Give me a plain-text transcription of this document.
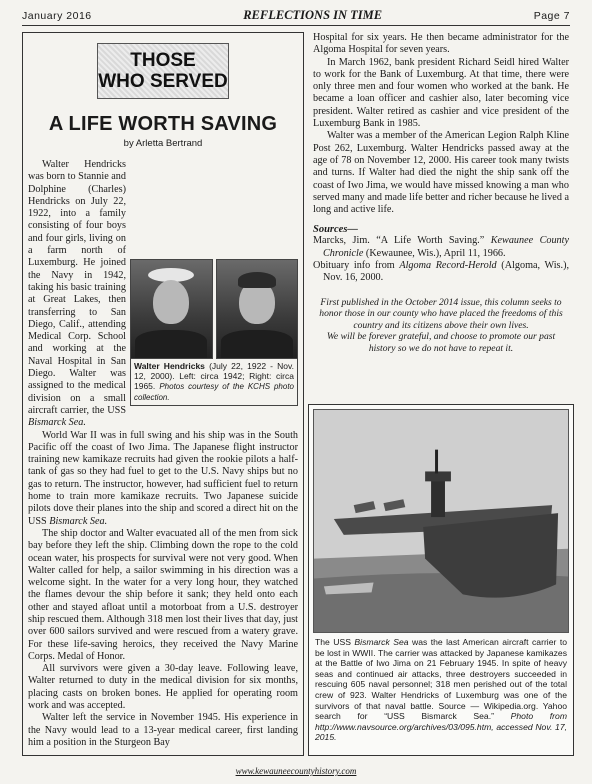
January 2016	REFLECTIONS IN TIME	Page 7
THOSE
WHO SERVED
A LIFE WORTH SAVING
by Arletta Bertrand
Walter Hendricks (July 22, 1922 - Nov. 12, 2000). Left: circa 1942; Right: circa 1965. Photos courtesy of the KCHS photo collection.

Walter Hendricks was born to Stannie and Dolphine (Charles) Hendricks on July 22, 1922, into a family consisting of four boys and four girls, living on a farm north of Luxemburg. He joined the Navy in 1942, taking his basic training at Great Lakes, then transferring to San Diego, Calif., attending Medical Corp. School and working at the Naval Hospital in San Diego. Walter was assigned to the medical division on a small aircraft carrier, the USS Bismarck Sea.

World War II was in full swing and his ship was in the South Pacific off the coast of Iwo Jima. The Japanese flight instructor training new kamikaze recruits had given the rookie pilots a half-tank of gas so they had fuel to get to the U.S. Navy ships but no gas to return. The instructor, however, had sufficient fuel to return home to train more kamikaze recruits. Two Japanese suicide pilots dove their planes into the ship and scored a direct hit on the USS Bismarck Sea.

The ship doctor and Walter evacuated all of the men from sick bay before they left the ship. Climbing down the rope to the cold ocean water, his prospects for survival were not very good. When Walter called for help, a sailor swimming in his direction was a welcome sight. In the water for a very long hour, they watched the flames devour the ship before it sank; they held onto each other and stayed afloat until a motorboat from a U.S. destroyer ship rescued them. Although 318 men lost their lives that day, just over 600 sailors survived and were rescued from a watery grave. For these life-saving heroics, they received the Navy Marine Corps. Medal of Honor.

All survivors were given a 30-day leave. Following leave, Walter returned to duty in the medical division for six months, placing casts on broken bones. He applied for operating room work and was accepted.

Walter left the service in November 1945. His experience in the Navy would lead to a 13-year medical career, first landing him a position in the Sturgeon Bay

Hospital for six years. He then became administrator for the Algoma Hospital for seven years.

In March 1962, bank president Richard Seidl hired Walter to work for the Bank of Luxemburg. At that time, there were only three men and four women who worked at the bank. He became a loan officer and cashier also, later becoming vice president. Walter retired as cashier and vice president of the Luxemburg Bank in 1985.

Walter was a member of the American Legion Ralph Kline Post 262, Luxemburg. Walter Hendricks passed away at the age of 78 on November 12, 2000. His career took many twists and turns. If Walter had died the night the ship sank off the coast of Iwo Jima, we would have missed knowing a man who served many and made life better and richer because he lived a long and active life.

Sources—
Marcks, Jim. “A Life Worth Saving.” Kewaunee County Chronicle (Kewaunee, Wis.), April 11, 1966.
Obituary info from Algoma Record-Herold (Algoma, Wis.), Nov. 16, 2000.
First published in the October 2014 issue, this column seeks to honor those in our county who have placed the freedoms of this country and its citizens above their own lives.
We will be forever grateful, and choose to promote our past history so we do not have to repeat it.
The USS Bismarck Sea was the last American aircraft carrier to be lost in WWII. The carrier was attacked by Japanese kamikazes at the Battle of Iwo Jima on 21 February 1945. In spite of heavy seas and continued air attacks, three destroyers succeeded in rescuing 605 naval personnel; 318 men perished out of the total crew of 923. Walter Hendricks of Luxemburg was one of the survivors of that naval battle. Source — Wikipedia.org. Yahoo search for “USS Bismarck Sea.” Photo from http://www.navsource.org/archives/03/095.htm, accessed Nov. 17, 2015.
www.kewauneecountyhistory.com
